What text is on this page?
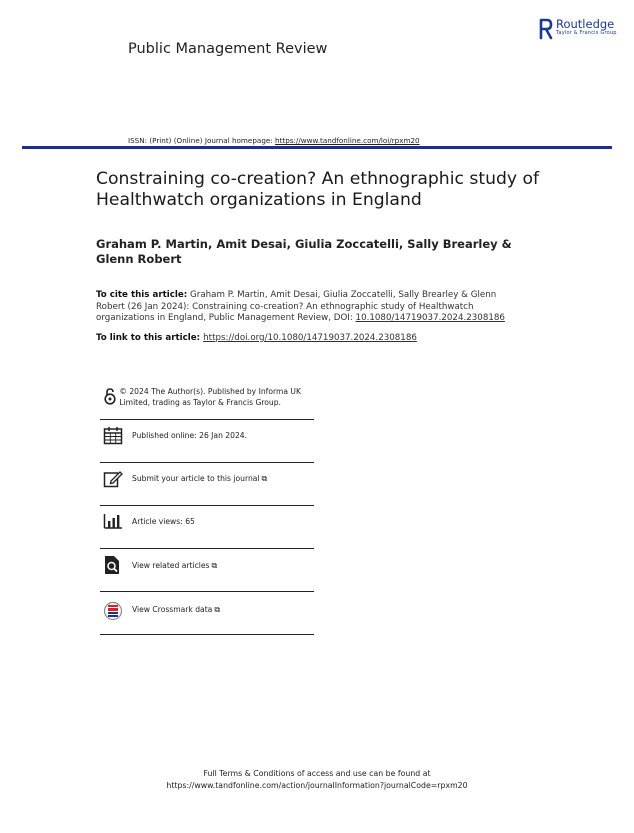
Public Management Review
Routledge
Taylor & Francis Group
ISSN: (Print) (Online) Journal homepage: https://www.tandfonline.com/loi/rpxm20
Constraining co-creation? An ethnographic study of Healthwatch organizations in England
Graham P. Martin, Amit Desai, Giulia Zoccatelli, Sally Brearley & Glenn Robert
To cite this article: Graham P. Martin, Amit Desai, Giulia Zoccatelli, Sally Brearley & Glenn Robert (26 Jan 2024): Constraining co-creation? An ethnographic study of Healthwatch organizations in England, Public Management Review, DOI: 10.1080/14719037.2024.2308186
To link to this article: https://doi.org/10.1080/14719037.2024.2308186
© 2024 The Author(s). Published by Informa UK Limited, trading as Taylor & Francis Group.
Published online: 26 Jan 2024.
Submit your article to this journal ⧉
Article views: 65
View related articles ⧉
View Crossmark data ⧉
Full Terms & Conditions of access and use can be found at
https://www.tandfonline.com/action/journalInformation?journalCode=rpxm20
